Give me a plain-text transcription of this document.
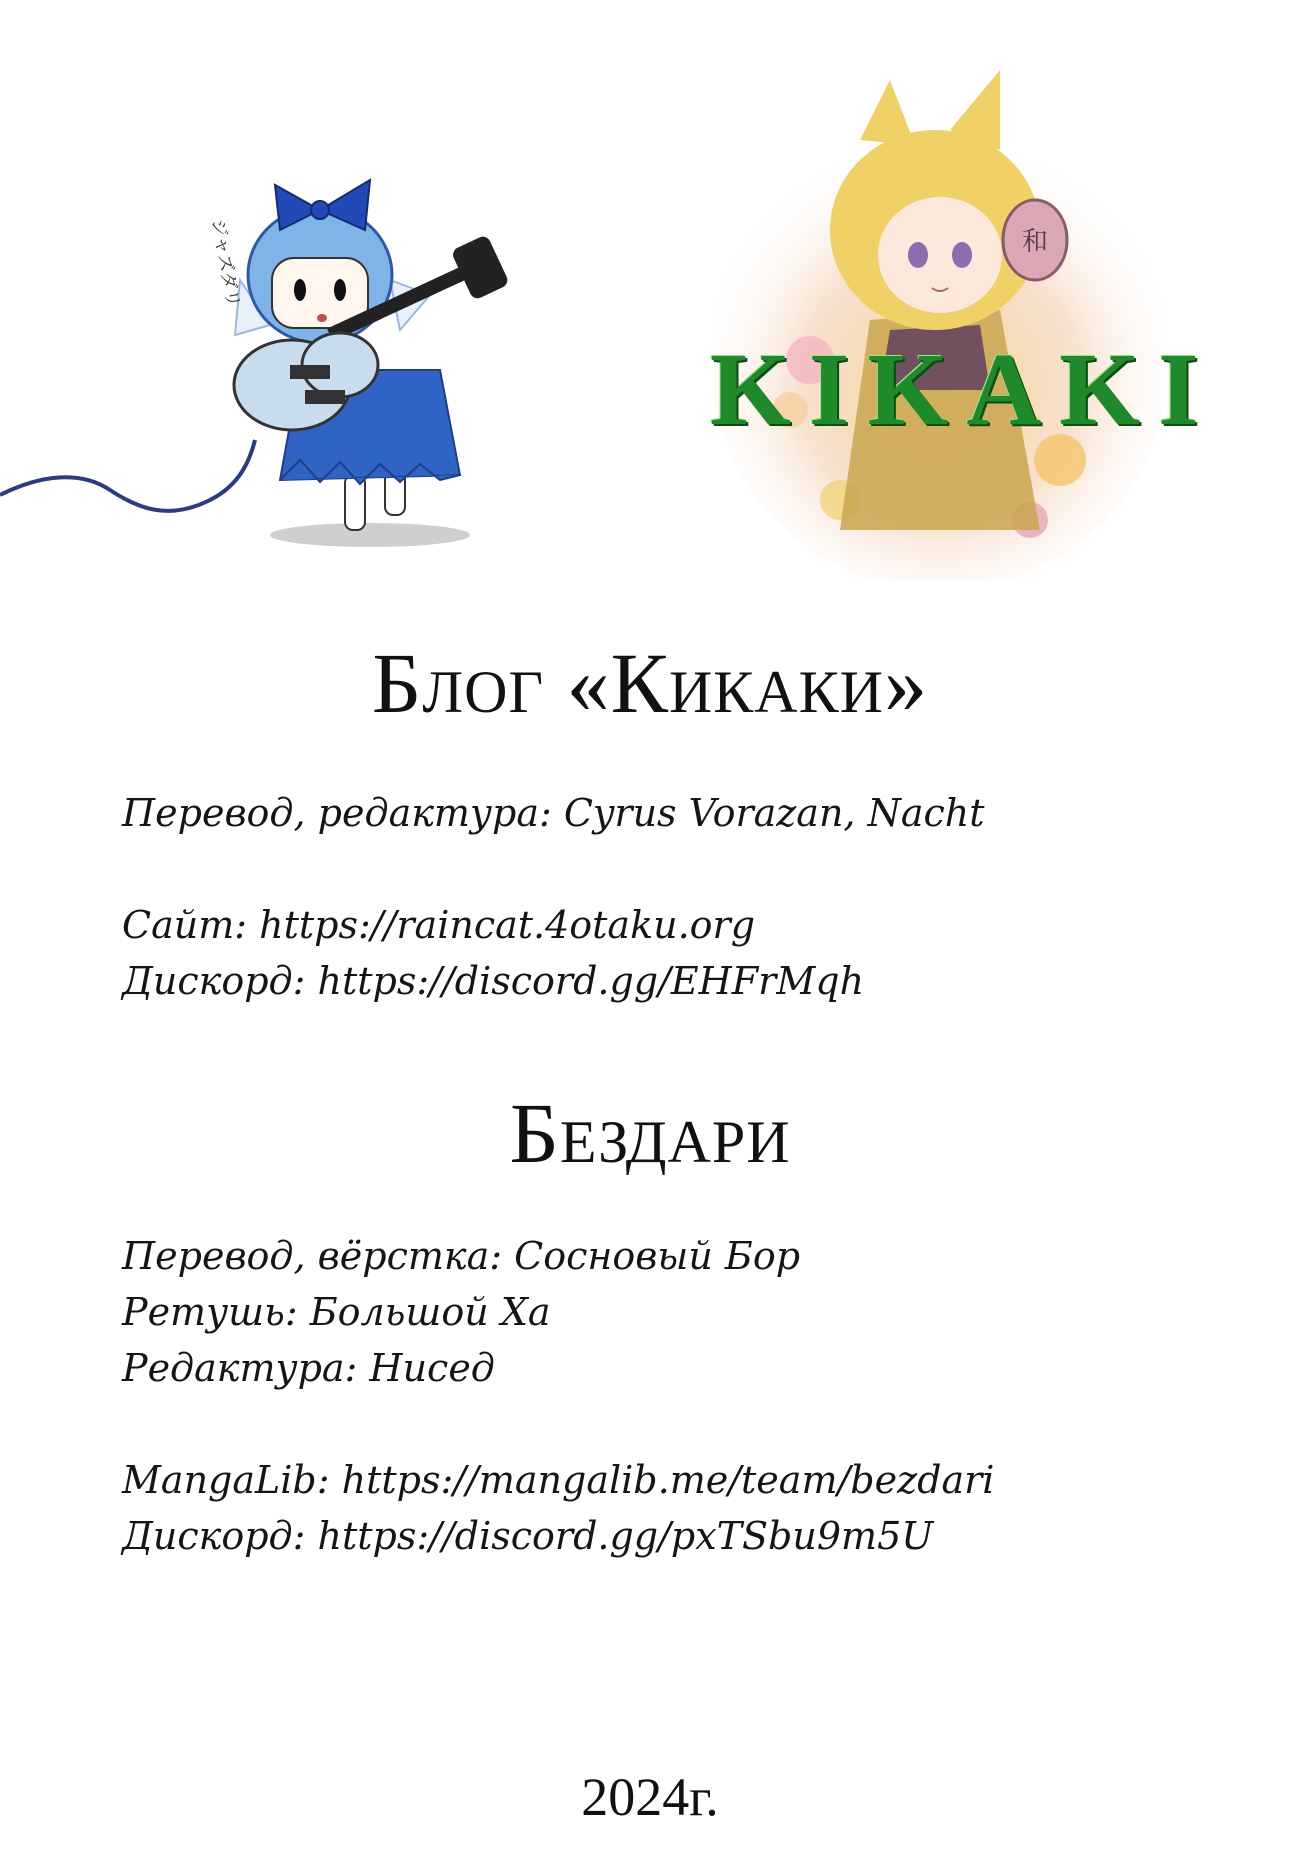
ジャズダリ	和
KIKAKI
Блог «Кикаки»
Перевод, редактура: Cyrus Vorazan, Nacht
Сайт: https://raincat.4otaku.org
Дискорд: https://discord.gg/EHFrMqh
Бездари
Перевод, вёрстка: Сосновый Бор
Ретушь: Большой Ха
Редактура: Нисед
MangaLib: https://mangalib.me/team/bezdari
Дискорд: https://discord.gg/pxTSbu9m5U
2024г.
